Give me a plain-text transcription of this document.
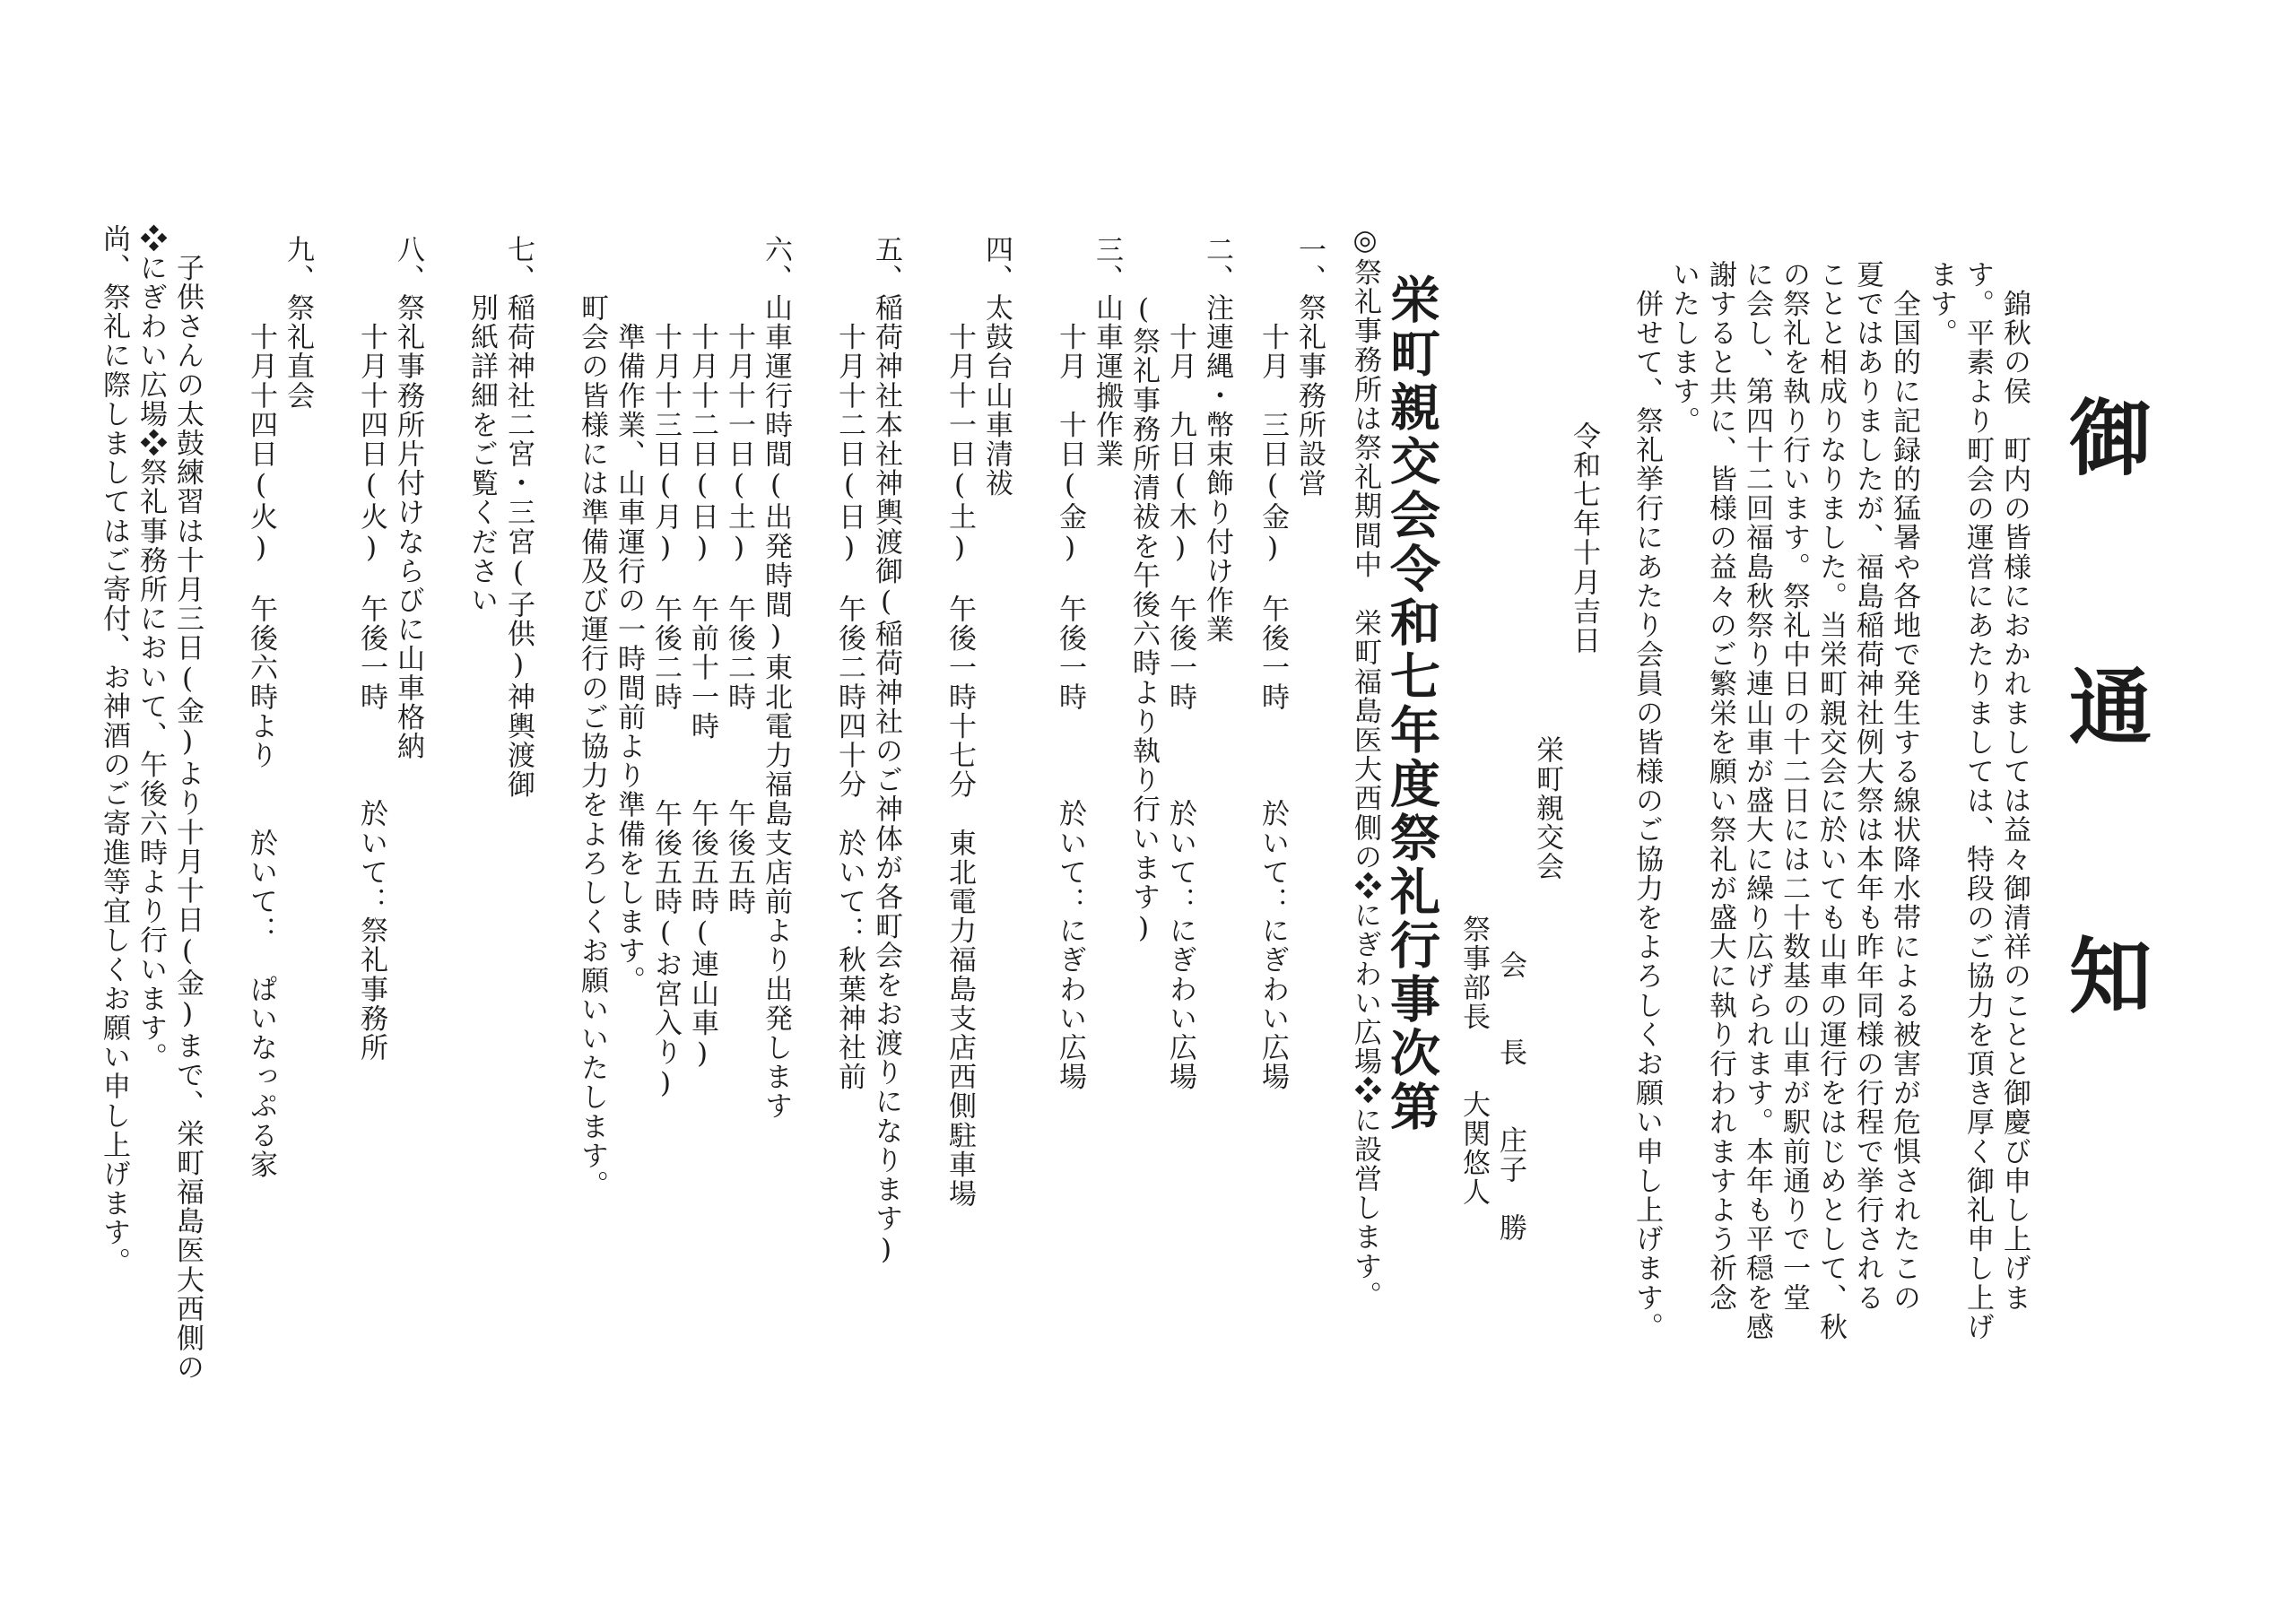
御 通 知
　錦秋の侯　町内の皆様におかれましては益々御清祥のことと御慶び申し上げま
す。平素より町会の運営にあたりましては、特段のご協力を頂き厚く御礼申し上げ
ます。
　全国的に記録的猛暑や各地で発生する線状降水帯による被害が危惧されたこの
夏ではありましたが、福島稲荷神社例大祭は本年も昨年同様の行程で挙行される
ことと相成りなりました。当栄町親交会に於いても山車の運行をはじめとして、秋
の祭礼を執り行います。祭礼中日の十二日には二十数基の山車が駅前通りで一堂
に会し、第四十二回福島秋祭り連山車が盛大に繰り広げられます。本年も平穏を感
謝すると共に、皆様の益々のご繁栄を願い祭礼が盛大に執り行われますよう祈念
いたします。
　併せて、祭礼挙行にあたり会員の皆様のご協力をよろしくお願い申し上げます。
令和七年十月吉日
栄町親交会
会　　長　　庄子　勝
祭事部長　　大関悠人
栄町親交会令和七年度祭礼行事次第
◎祭礼事務所は祭礼期間中　栄町福島医大西側の❖にぎわい広場❖に設営します。
一、祭礼事務所設営
　　　十月　三日(金)　午後一時　　　於いて：にぎわい広場
二、注連縄・幣束飾り付け作業
　　　十月　九日(木)　午後一時　　　於いて：にぎわい広場
　　(祭礼事務所清祓を午後六時より執り行います)
三、山車運搬作業
　　　十月　十日(金)　午後一時　　　於いて：にぎわい広場
四、太鼓台山車清祓
　　　十月十一日(土)　午後一時十七分　東北電力福島支店西側駐車場
五、稲荷神社本社神輿渡御(稲荷神社のご神体が各町会をお渡りになります)
　　　十月十二日(日)　午後二時四十分　於いて：秋葉神社前
六、山車運行時間(出発時間)東北電力福島支店前より出発します
　　　十月十一日(土)　午後二時　　　午後五時
　　　十月十二日(日)　午前十一時　　午後五時(連山車)
　　　十月十三日(月)　午後二時　　　午後五時(お宮入り)
　　　準備作業、山車運行の一時間前より準備をします。
　　町会の皆様には準備及び運行のご協力をよろしくお願いいたします。
七、稲荷神社二宮・三宮(子供)神輿渡御
　　別紙詳細をご覧ください
八、祭礼事務所片付けならびに山車格納
　　　十月十四日(火)　午後一時　　　於いて：祭礼事務所
九、祭礼直会
　　　十月十四日(火)　午後六時より　　於いて：　ぱいなっぷる家
　子供さんの太鼓練習は十月三日(金)より十月十日(金)まで、栄町福島医大西側の
❖にぎわい広場❖祭礼事務所において、午後六時より行います。
尚、祭礼に際しましてはご寄付、お神酒のご寄進等宜しくお願い申し上げます。
